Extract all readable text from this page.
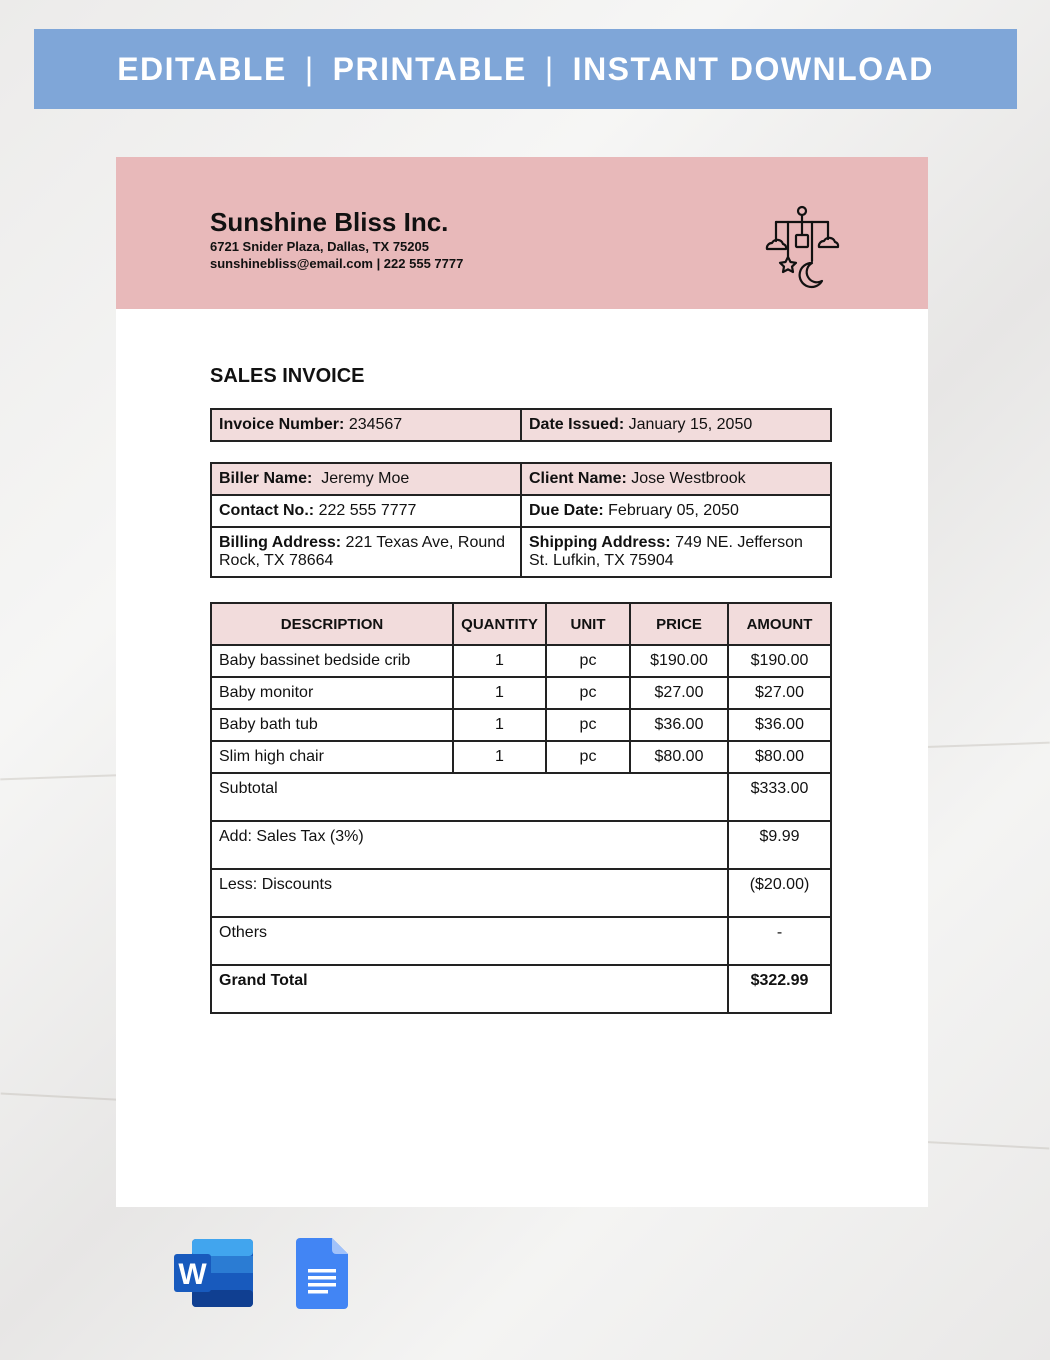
EDITABLE | PRINTABLE | INSTANT DOWNLOAD
Sunshine Bliss Inc.
6721 Snider Plaza, Dallas, TX 75205
sunshinebliss@email.com | 222 555 7777
SALES INVOICE
Invoice Number: 234567	Date Issued: January 15, 2050
Biller Name: Jeremy Moe	Client Name: Jose Westbrook
Contact No.: 222 555 7777	Due Date: February 05, 2050
Billing Address: 221 Texas Ave, Round Rock, TX 78664	Shipping Address: 749 NE. Jefferson St. Lufkin, TX 75904
DESCRIPTION	QUANTITY	UNIT	PRICE	AMOUNT
Baby bassinet bedside crib	1	pc	$190.00	$190.00
Baby monitor	1	pc	$27.00	$27.00
Baby bath tub	1	pc	$36.00	$36.00
Slim high chair	1	pc	$80.00	$80.00
Subtotal				$333.00
Add: Sales Tax (3%)				$9.99
Less: Discounts				($20.00)
Others				-
Grand Total				$322.99
W
